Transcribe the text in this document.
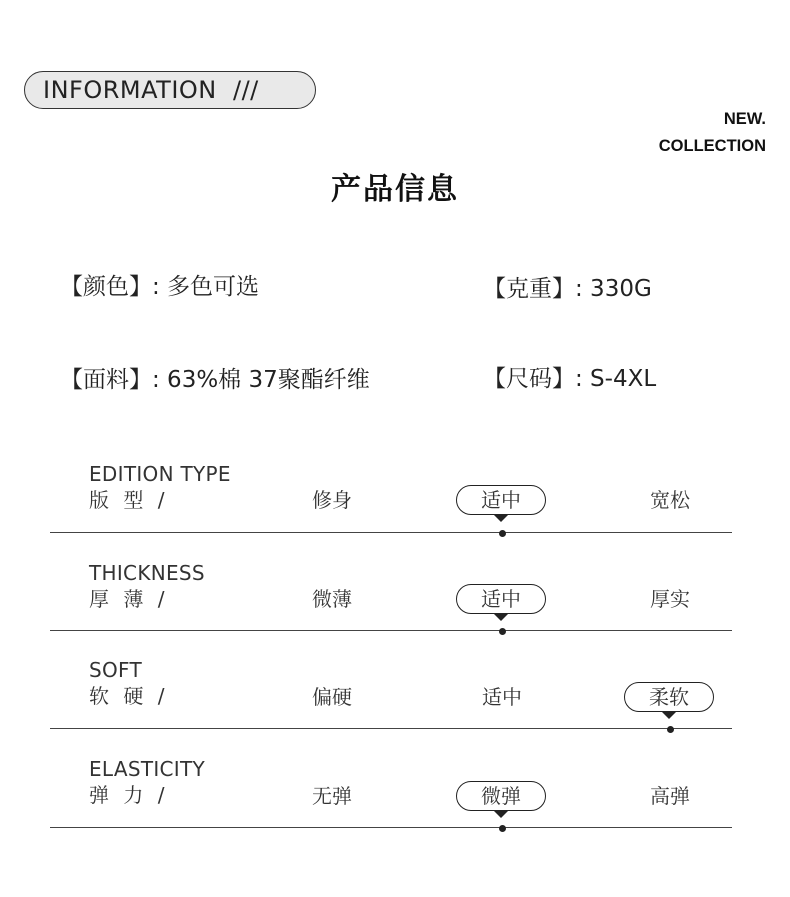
INFORMATION  ///
NEW.
COLLECTION
产品信息
【颜色】: 多色可选	【克重】: 330G
【面料】: 63%棉 37聚酯纤维	【尺码】: S-4XL
EDITION TYPE
版 型 /	修身	适中	宽松
THICKNESS
厚 薄 /	微薄	适中	厚实
SOFT
软 硬 /	偏硬	适中	柔软
ELASTICITY
弹 力 /	无弹	微弹	高弹
